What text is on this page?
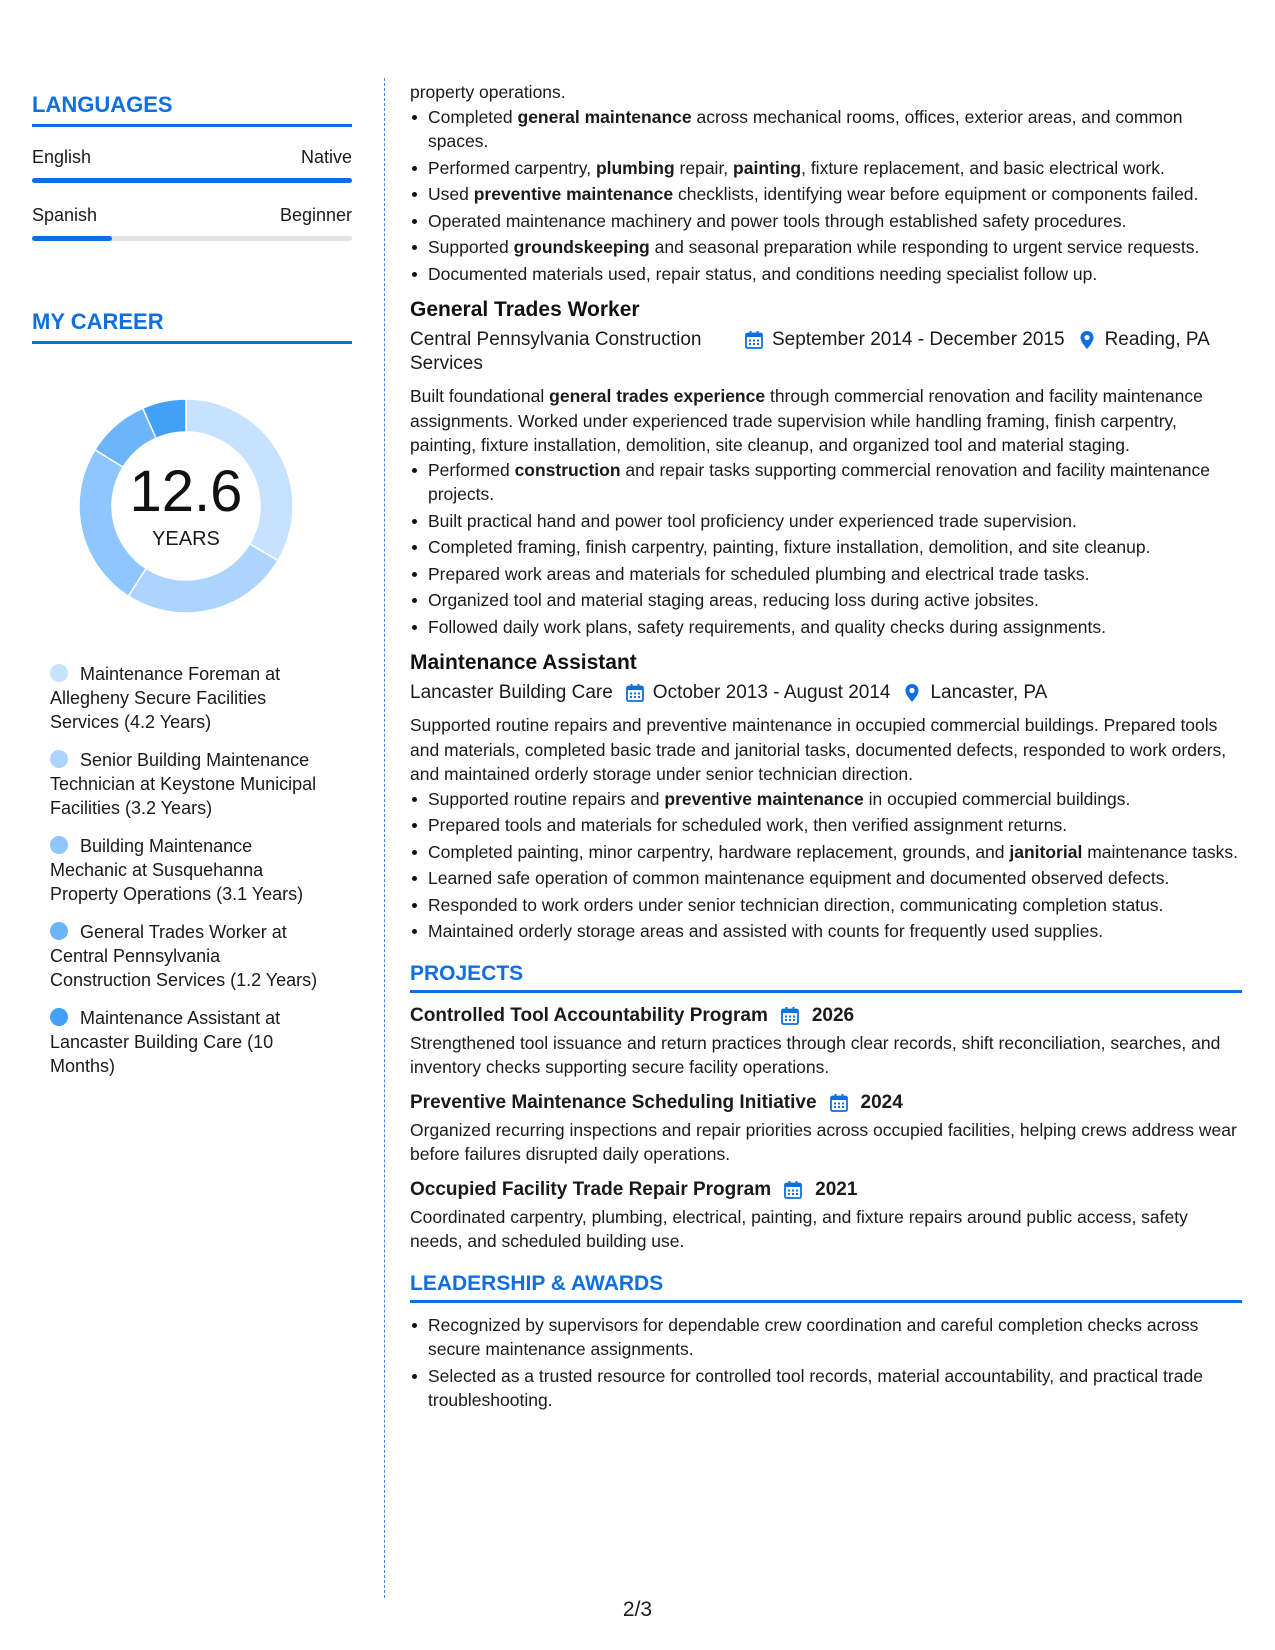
LANGUAGES
English	Native
Spanish	Beginner
MY CAREER
12.6
YEARS
Maintenance Foreman at Allegheny Secure Facilities Services (4.2 Years)
Senior Building Maintenance Technician at Keystone Municipal Facilities (3.2 Years)
Building Maintenance Mechanic at Susquehanna Property Operations (3.1 Years)
General Trades Worker at Central Pennsylvania Construction Services (1.2 Years)
Maintenance Assistant at Lancaster Building Care (10 Months)
property operations.
Completed general maintenance across mechanical rooms, offices, exterior areas, and common spaces.
Performed carpentry, plumbing repair, painting, fixture replacement, and basic electrical work.
Used preventive maintenance checklists, identifying wear before equipment or components failed.
Operated maintenance machinery and power tools through established safety procedures.
Supported groundskeeping and seasonal preparation while responding to urgent service requests.
Documented materials used, repair status, and conditions needing specialist follow up.
General Trades Worker
Central Pennsylvania Construction Services
September 2014 - December 2015 Reading, PA
Built foundational general trades experience through commercial renovation and facility maintenance assignments. Worked under experienced trade supervision while handling framing, finish carpentry, painting, fixture installation, demolition, site cleanup, and organized tool and material staging.
Performed construction and repair tasks supporting commercial renovation and facility maintenance projects.
Built practical hand and power tool proficiency under experienced trade supervision.
Completed framing, finish carpentry, painting, fixture installation, demolition, and site cleanup.
Prepared work areas and materials for scheduled plumbing and electrical trade tasks.
Organized tool and material staging areas, reducing loss during active jobsites.
Followed daily work plans, safety requirements, and quality checks during assignments.
Maintenance Assistant
Lancaster Building Care October 2013 - August 2014 Lancaster, PA
Supported routine repairs and preventive maintenance in occupied commercial buildings. Prepared tools and materials, completed basic trade and janitorial tasks, documented defects, responded to work orders, and maintained orderly storage under senior technician direction.
Supported routine repairs and preventive maintenance in occupied commercial buildings.
Prepared tools and materials for scheduled work, then verified assignment returns.
Completed painting, minor carpentry, hardware replacement, grounds, and janitorial maintenance tasks.
Learned safe operation of common maintenance equipment and documented observed defects.
Responded to work orders under senior technician direction, communicating completion status.
Maintained orderly storage areas and assisted with counts for frequently used supplies.
PROJECTS
Controlled Tool Accountability Program 2026
Strengthened tool issuance and return practices through clear records, shift reconciliation, searches, and inventory checks supporting secure facility operations.
Preventive Maintenance Scheduling Initiative 2024
Organized recurring inspections and repair priorities across occupied facilities, helping crews address wear before failures disrupted daily operations.
Occupied Facility Trade Repair Program 2021
Coordinated carpentry, plumbing, electrical, painting, and fixture repairs around public access, safety needs, and scheduled building use.
LEADERSHIP & AWARDS
Recognized by supervisors for dependable crew coordination and careful completion checks across secure maintenance assignments.
Selected as a trusted resource for controlled tool records, material accountability, and practical trade troubleshooting.
2/3
